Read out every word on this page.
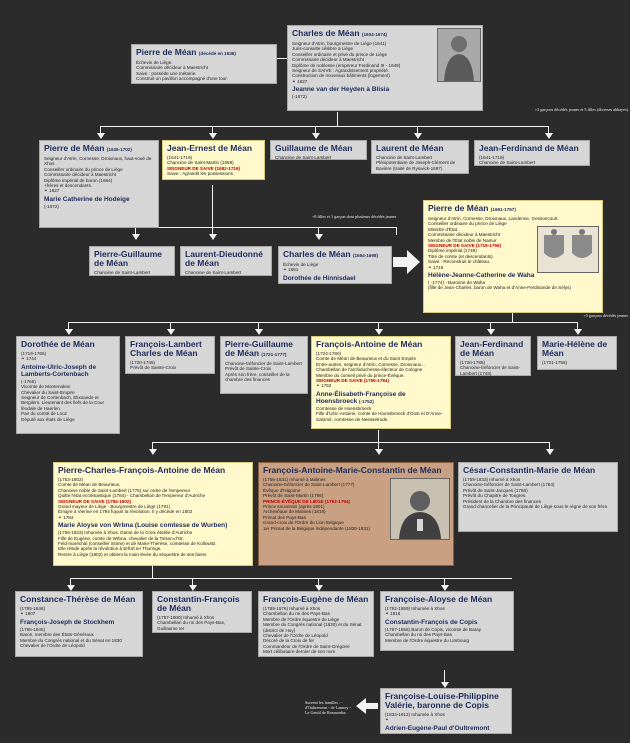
Pierre de Méan (décédé en 1636)
Échevin de Liège.
Commissaire décideur à Maestricht
Saive : possède une métairie.
Construit un pavillon accompagné d'une tour.
Charles de Méan (1604-1674)
Seigneur d'Atrin, bourgmestre de Liège (1641)
Juris-consulte célèbre à Liège
Conseiller ordinaire et privé du prince de Liège
Commissaire décideur à Maestricht
Diplôme de noblesse (empereur Ferdinand III - 1649)
Seigneur de SAIVE : Agrandissement propriété.
Construction de nouveaux bâtiments (logement)
⚭ 1627
Jeanne van der Heyden à Blisia
(-1672)
+3 garçons décédés jeunes et 5 filles (diverses abbayes)
Pierre de Méan (1636-1702)
Seigneur d'Atrin, Cornesse, Droixnaux, haut-voué de Xhos
Conseiller ordinaire du prince de Liège
Commissaire décideur à Maestricht
Diplôme impérial de baron (1684)
+frères et descendants.
⚭ 1627
Marie Catherine de Hodeige
(-1672)
Jean-Ernest de Méan
(1641-1719)
Chanoine de Saint-Martin (1658)
SEIGNEUR DE SAIVE (1682-1719)
Saive : Agrandit les possessions.
Guillaume de Méan
Chanoine de Saint-Lambert
Laurent de Méan
Chanoine de Saint-Lambert
Plénipotentiaire de Joseph-Clément de Bavière (traité de Ryswick-1697)
Jean-Ferdinand de Méan
(1641-1719)
Chanoine de Saint-Lambert
+8 filles et 1 garçon dont plusieurs décédés jeunes
Pierre-Guillaume de Méan
Chanoine de Saint-Lambert
Laurent-Dieudonné de Méan
Chanoine de Saint-Lambert
Charles de Méan (1664-1698)
Échevin de Liège
⚭ 1651
Dorothée de Hinnisdael
Pierre de Méan (1691-1757)
Seigneur d'Atrin, Cornesse, Droixnaux, Landenne, Gessoncourt.
Conseiller ordinaire du prince de Liège
Ministre d'État.
Commissaire décideur à Maestricht
Membre de l'État noble de Namur
SEIGNEUR DE SAIVE (1719-1756)
Diplôme impérial (1749)
Titre de comte (et descendants)
Saive : Reconstruit le château.
⚭ 1719
Hélène-Jeanne-Catherine de Waha
( -1774) - Baronne de Waha
(fille de Jean-Charles, baron de Waha et d'Anne-Ferdinande de Sélys)
+5 garçons décédés jeunes
Dorothée de Méan
(1719-1766)
⚭ 1744
Antoine-Ulric-Joseph de Lamberts-Cortenbach
(-1766)
Vicomte de Montenaken
Chevalier du Saint-Empire
Seigneur de Cortenbach, Elixnaede et Bergilers. Lieutenant des fiefs de la Cour féodale de Haerlen.
Pair du comté de Looz
Député aux états de Liège
François-Lambert Charles de Méan
(1720-1745)
Prévôt de Sainte-Croix
Pierre-Guillaume de Méan (1721-1777)
Chanoine-tréfoncier de Saint-Lambert
Prévôt de Sainte-Croix
Après son frère, conseiller de la chambre des finances
François-Antoine de Méan
(1724-1780)
Comte de Méan de Beaurieux et du Saint Empire
Entre-autres, seigneur d'Atrin, Cornesse, Droixnaux...
Chambellan de l'archiduchesse-électeur de Cologne
Membre du conseil privé du prince-Évêque.
SEIGNEUR DE SAIVE (1756-1784)
⚭ 1752
Anne-Élisabeth-Françoise de Hoensbroeck (-1752)
Comtesse de Hoensbroeck
Fille d'Ulric-Antoine, comte de Hoensbroeck d'Oost et D'Anne-Salomé, comtesse de Neesselrode.
Jean-Ferdinand de Méan
(1726-1785)
Chanoine-tréfoncier de Saint-Lambert (1748)
Marie-Hélène de Méan
(1731-1756)
Pierre-Charles-François-Antoine de Méan
(1753-1802)
Comte de Méan de Beaurieux.
Chanoine noble de Saint-Lambert (1775) sur ordre de l'empereur
Quitte l'état ecclésiastique (1784) - Chambellan de l'empereur d'Autriche
SEIGNEUR DE SAIVE (1784-1802)
Grand mayeur de Liège - Bourgmestre de Liège (1791)
Émigre à Vienne en 1794 fuyant la révolution. Il y décède en 1802
⚭ 1784
Marie Aloyse von Wrbna (Louise comtesse de Wurben)
(1756-1833) Inhumée à Xhos. Dame de la Croix étoilée d'Autriche
Fille de Eugène, comte de Wrbna, chevalier de la Toison-d'Or,
Feld-maréchal (conseiller intime) et de Marie-Thérèse, comtesse de Kollowitz.
Elle réside après la révolution à Erfürt en Thuringe.
Rentre à Liège (1802) et obtient la main-levée du séquestre de ses biens
François-Antoine-Marie-Constantin de Méan
(1756-1831) Inhumé à Malines
Chanoine-tréfoncier de Saint-Lambert (1777)
Évêque d'Hippone
Prévôt de Saint-Martin (1786)
PRINCE-ÉVÊQUE DE LIÈGE (1792-1794)
Prince souverain (après 1801)
Archevêque de Malines (1816)
Primat des Pays-Bas
Grand-croix de l'Ordre du Lion Belgique
1er Primat de la Belgique indépendante (1830-1831)
César-Constantin-Marie de Méan
(1759-1833) Inhumé à Xhos
Chanoine-tréfoncier de Saint-Lambert (1784)
Prévôt de Saint-Jacques (1786)
Prévôt du Chapitre de Tongres.
Président de la Chambre des finances
Grand chancelier de la Principauté de Liège sous le règne de son frère.
Constance-Thérèse de Méan
(1785-1846)
⚭ 1807
François-Joseph de Stockhem
(1785-1845)
Baron, membre des États-Généraux
Membre du Congrès national et du Sénat en 1830
Chevalier de l'Ordre de Léopold
Constantin-François de Méan
(1787-1800) Inhumé à Xhos
Chambellan du roi des Pays-Bas, Guillaume Ier
François-Eugène de Méan
(1789-1876) Inhumé à Xhos
Chambellan du roi des Pays-Bas
Membre de l'Ordre équestre de Liège
Membre du Congrès national (1830) et du Sénat (district de Huy)
Chevalier de l'Ordre de Léopold
Décoré de la Croix de fer
Commandeur de l'Ordre de Saint-Grégoire
Mort célibataire dernier de son nom
Françoise-Aloyse de Méan
(1792-1869) Inhumée à Xhos
⚭ 1816
Constantin-François de Copis
(1787-1858) Baron de Copis, vicomte de Baray
Chambellan du roi des Pays-Bas
Membre de l'Ordre équestre du Limbourg
Françoise-Louise-Philippine Valérie, baronne de Copis
(1833-1912) Inhumée à Xhos
⚭
Adrien-Eugène-Paul d'Oultremont
Comte d'Oultremont de Duras
Suivent les familles : - d'Oultremont - de Lannoy - Le Gentil de Rosmorduc
